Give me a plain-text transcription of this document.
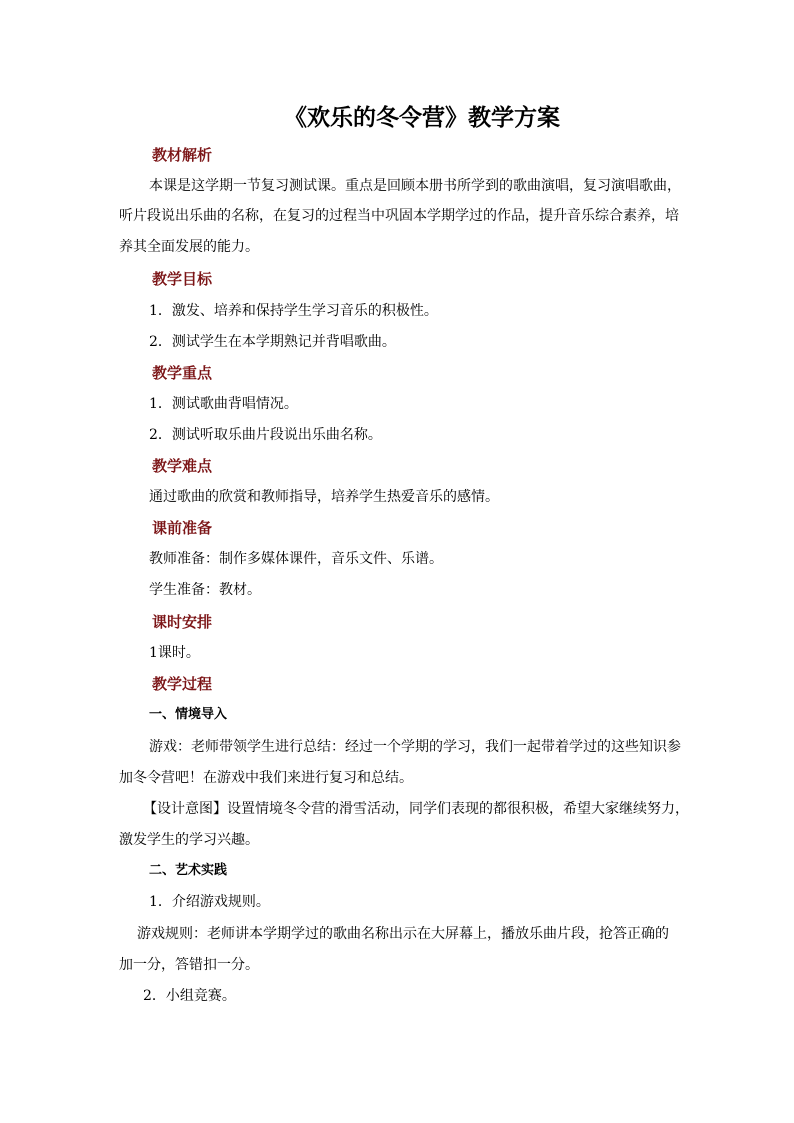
《欢乐的冬令营》教学方案
教材解析
本课是这学期一节复习测试课。重点是回顾本册书所学到的歌曲演唱，复习演唱歌曲，
听片段说出乐曲的名称，在复习的过程当中巩固本学期学过的作品，提升音乐综合素养，培
养其全面发展的能力。
教学目标
1．激发、培养和保持学生学习音乐的积极性。
2．测试学生在本学期熟记并背唱歌曲。
教学重点
1．测试歌曲背唱情况。
2．测试听取乐曲片段说出乐曲名称。
教学难点
通过歌曲的欣赏和教师指导，培养学生热爱音乐的感情。
课前准备
教师准备：制作多媒体课件，音乐文件、乐谱。
学生准备：教材。
课时安排
1课时。
教学过程
一、情境导入
游戏：老师带领学生进行总结：经过一个学期的学习，我们一起带着学过的这些知识参
加冬令营吧！在游戏中我们来进行复习和总结。
【设计意图】设置情境冬令营的滑雪活动，同学们表现的都很积极，希望大家继续努力，
激发学生的学习兴趣。
二、艺术实践
1．介绍游戏规则。
游戏规则：老师讲本学期学过的歌曲名称出示在大屏幕上，播放乐曲片段，抢答正确的
加一分，答错扣一分。
2．小组竞赛。
